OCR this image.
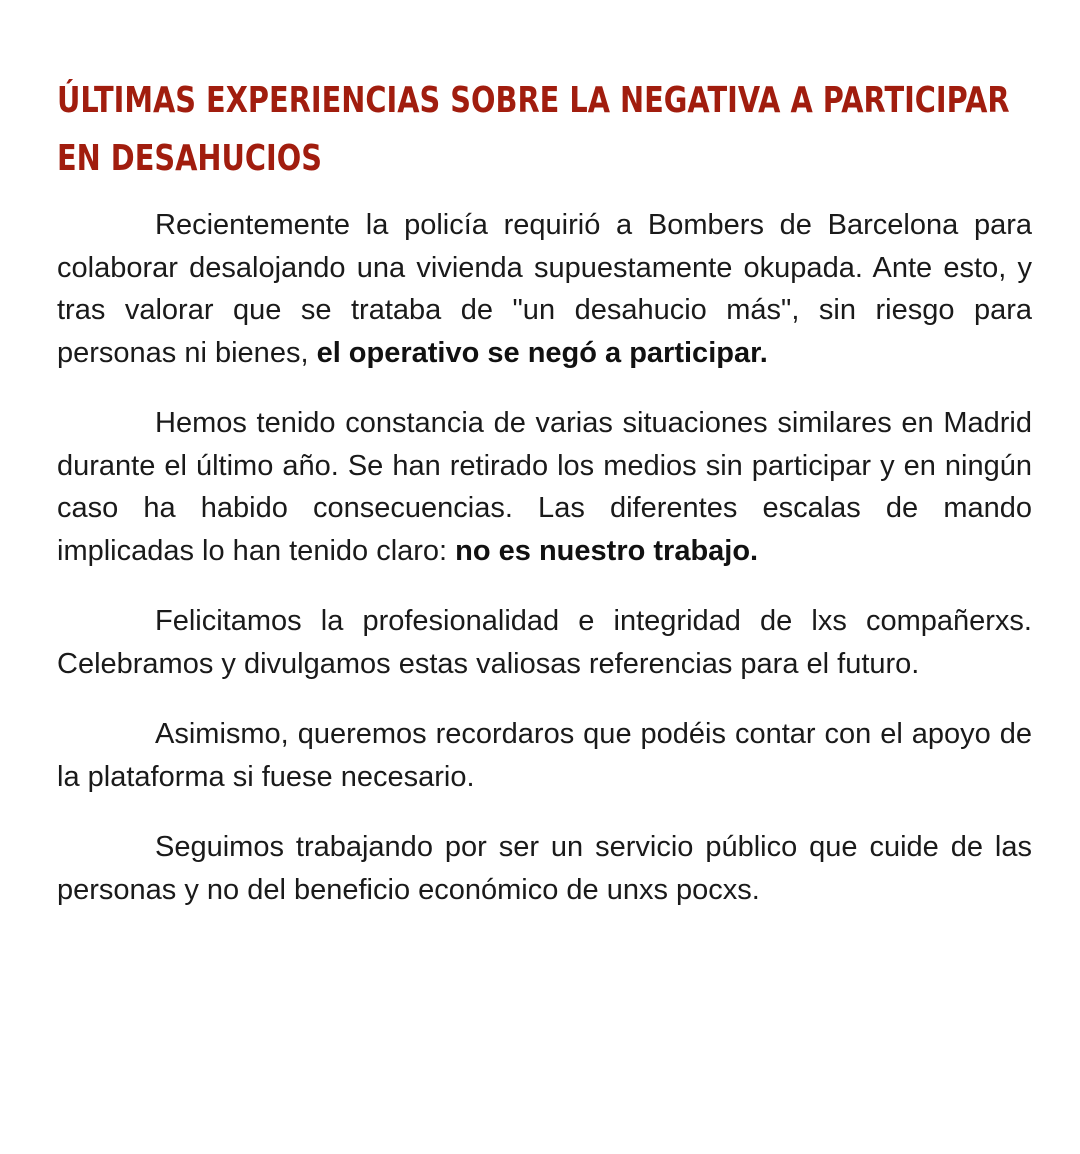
ÚLTIMAS EXPERIENCIAS SOBRE LA NEGATIVA A PARTICIPAR EN DESAHUCIOS

Recientemente la policía requirió a Bombers de Barcelona para colaborar desalojando una vivienda supuestamente okupada. Ante esto, y tras valorar que se trataba de "un desahucio más", sin riesgo para personas ni bienes, el operativo se negó a participar.

Hemos tenido constancia de varias situaciones similares en Madrid durante el último año. Se han retirado los medios sin participar y en ningún caso ha habido consecuencias. Las diferentes escalas de mando implicadas lo han tenido claro: no es nuestro trabajo.

Felicitamos la profesionalidad e integridad de lxs compañerxs. Celebramos y divulgamos estas valiosas referencias para el futuro.

Asimismo, queremos recordaros que podéis contar con el apoyo de la plataforma si fuese necesario.

Seguimos trabajando por ser un servicio público que cuide de las personas y no del beneficio económico de unxs pocxs.
